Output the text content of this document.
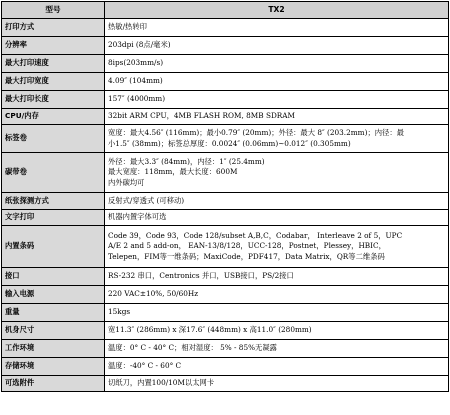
型号	TX2
打印方式	热敏/热转印

分辨率	203dpi (8点/毫米)

最大打印速度	8ips(203mm/s)

最大打印宽度	4.09″ (104mm)

最大打印长度	157″ (4000mm)

CPU/内存	32bit ARM CPU，4MB FLASH ROM, 8MB SDRAM

标签卷	宽度：最大4.56″ (116mm)；最小0.79″ (20mm)；外径：最大 8″ (203.2mm)；内径：最
小1.5″ (38mm)；标签总厚度：0.0024″ (0.06mm)~0.012″ (0.305mm)

碳带卷	外径：最大3.3″ (84mm)，内径：1″ (25.4mm)
最大宽度：118mm，最大长度：600M
内外碳均可

纸张探测方式	反射式/穿透式 (可移动)

文字打印	机器内置字体可选

内置条码	Code 39，Code 93，Code 128/subset A,B,C，Codabar， Interleave 2 of 5，UPC
A/E 2 and 5 add-on， EAN-13/8/128，UCC-128，Postnet，Plessey，HBIC，
Telepen，FIM等一维条码；MaxiCode，PDF417，Data Matrix，QR等二维条码

接口	RS-232 串口，Centronics 并口，USB接口，PS/2接口

输入电源	220 VAC±10%, 50/60Hz

重量	15kgs

机身尺寸	宽11.3″ (286mm) x 深17.6″ (448mm) x 高11.0″ (280mm)

工作环境	温度：0° C - 40° C；相对湿度： 5% - 85%无凝露

存储环境	温度：-40° C - 60° C

可选附件	切纸刀，内置100/10M以太网卡
